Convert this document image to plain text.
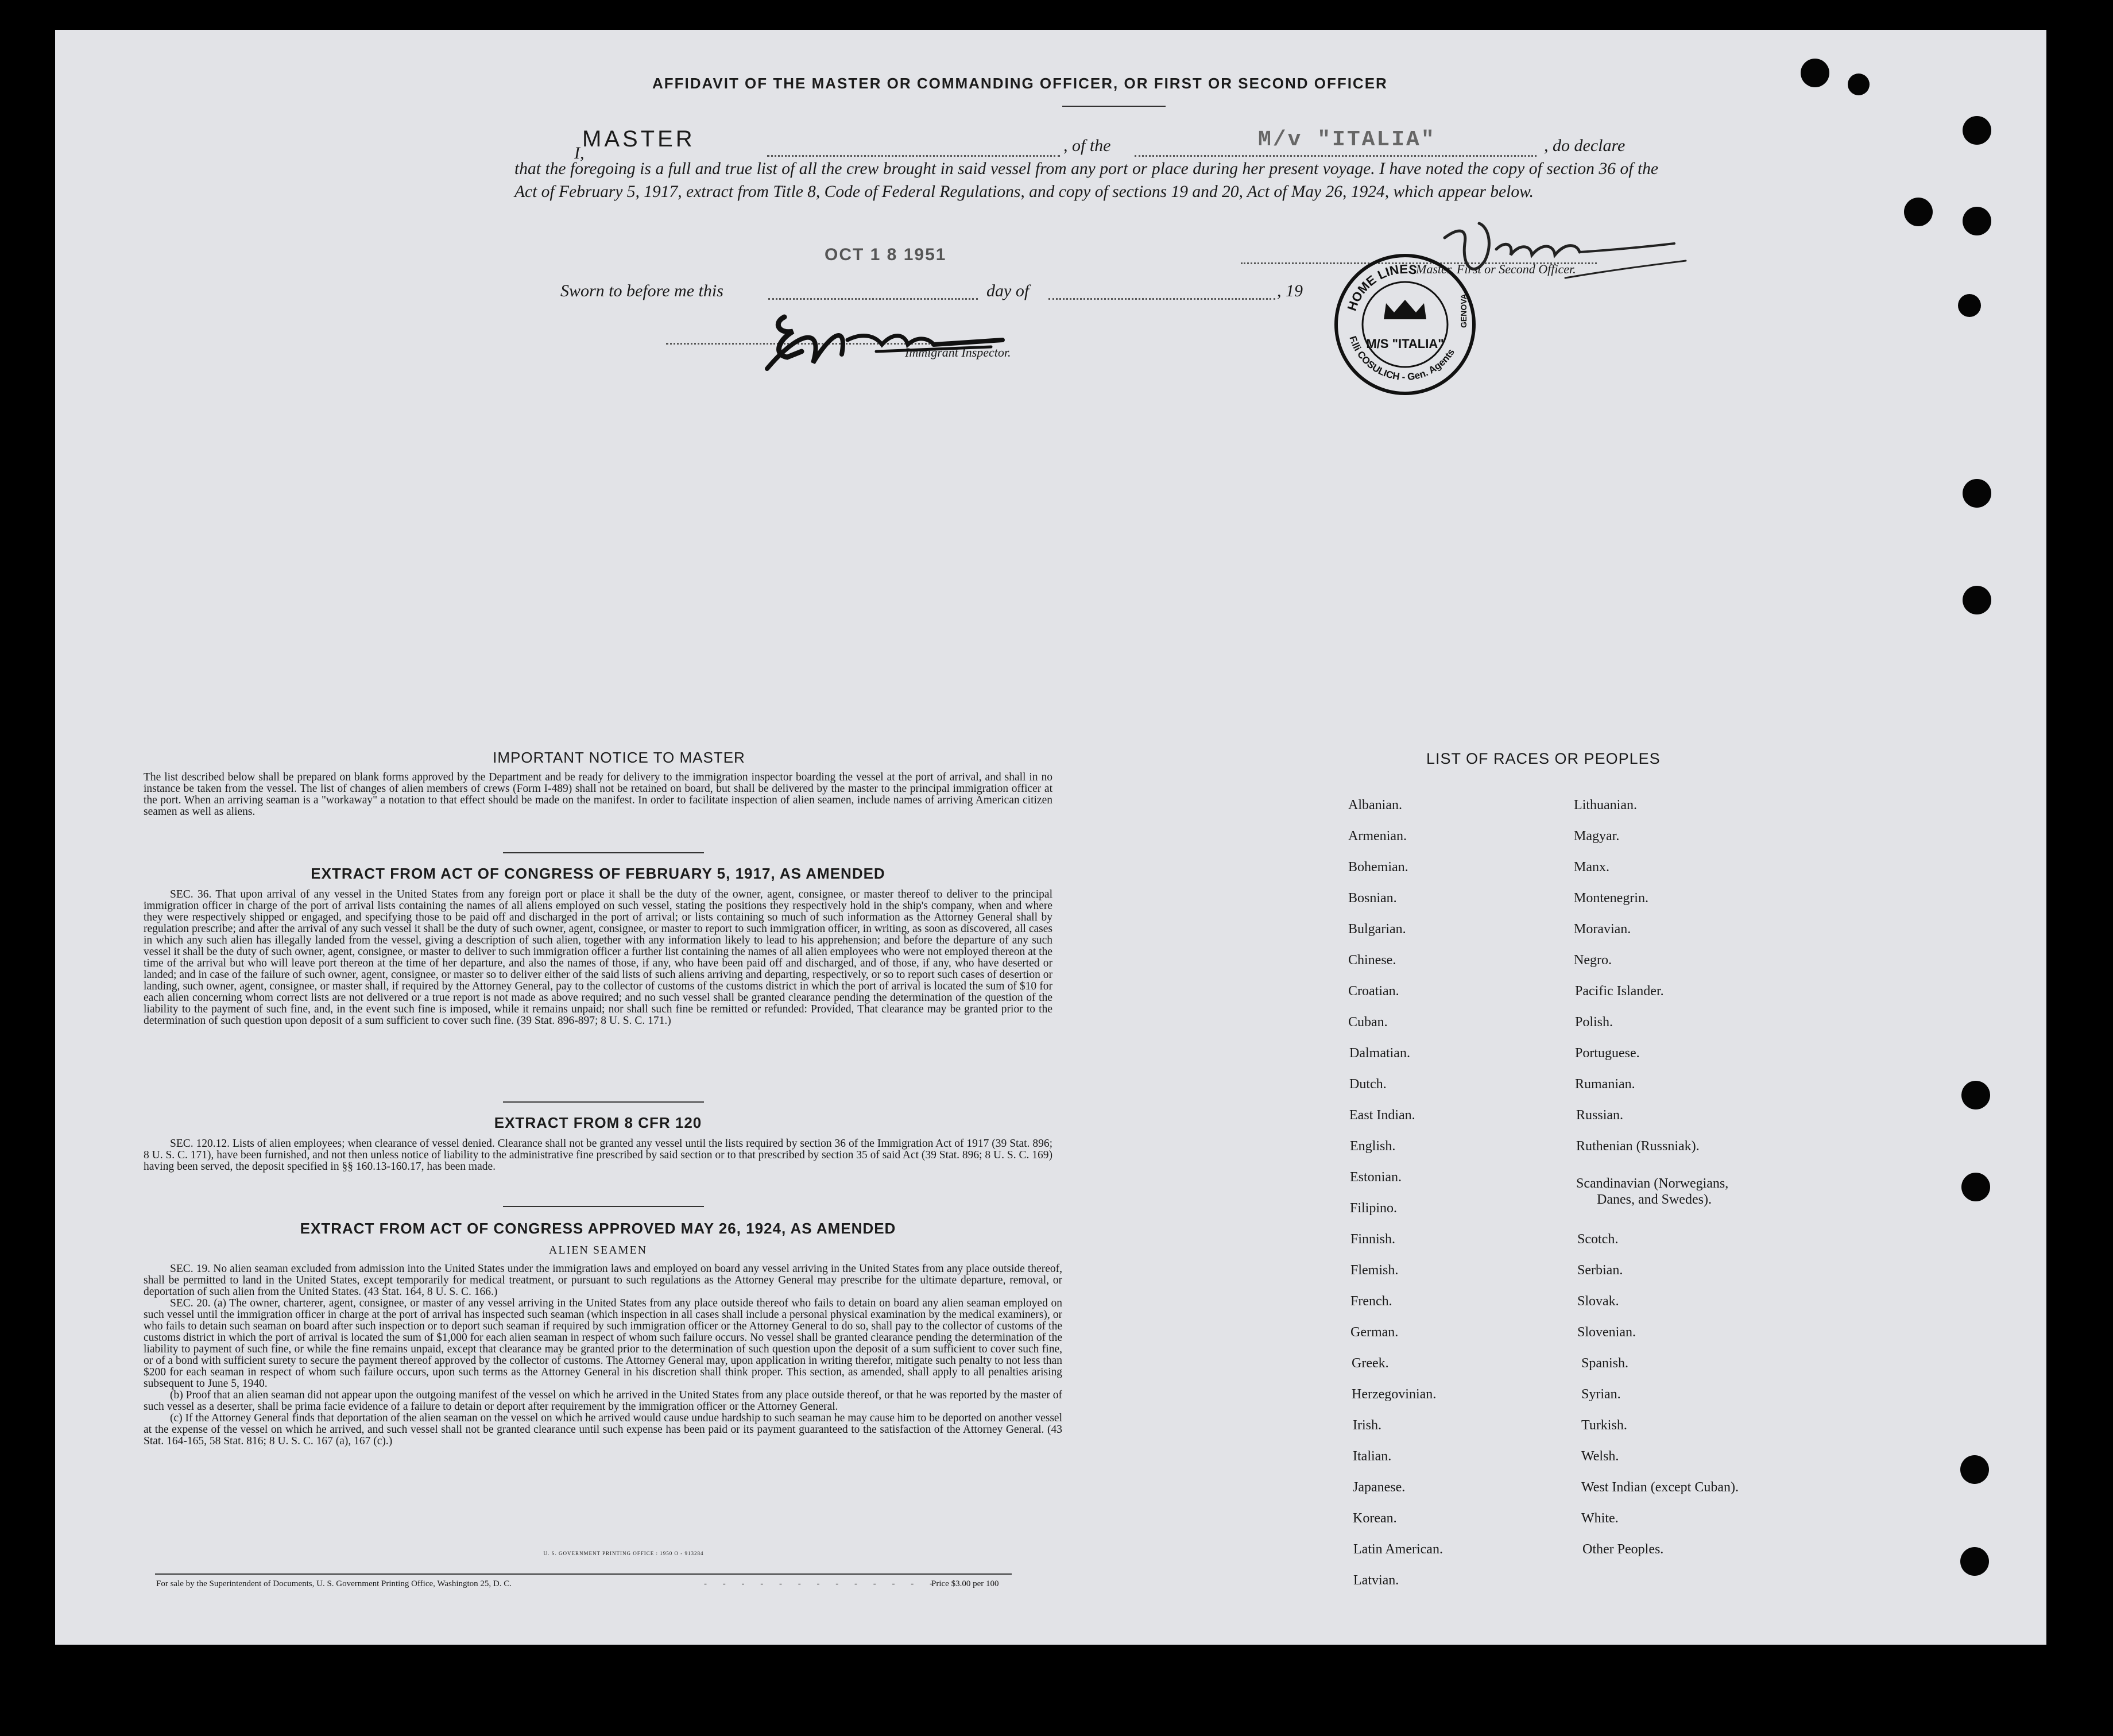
AFFIDAVIT OF THE MASTER OR COMMANDING OFFICER, OR FIRST OR SECOND OFFICER
I,
MASTER	, of the	M/v "ITALIA"	, do declare
that the foregoing is a full and true list of all the crew brought in said vessel from any port or place during her present voyage. I have noted the copy of section 36 of the Act of February 5, 1917, extract from Title 8, Code of Federal Regulations, and copy of sections 19 and 20, Act of May 26, 1924, which appear below.
OCT 1 8 1951
Master, First or Second Officer.
Sworn to before me this	day of	, 19
Immigrant Inspector.
HOME LINES
F.lli COSULICH - Gen. Agents
GENOVA
M/S "ITALIA"
IMPORTANT NOTICE TO MASTER
The list described below shall be prepared on blank forms approved by the Department and be ready for delivery to the immigration inspector boarding the vessel at the port of arrival, and shall in no instance be taken from the vessel. The list of changes of alien members of crews (Form I-489) shall not be retained on board, but shall be delivered by the master to the principal immigration officer at the port. When an arriving seaman is a "workaway" a notation to that effect should be made on the manifest. In order to facilitate inspection of alien seamen, include names of arriving American citizen seamen as well as aliens.
EXTRACT FROM ACT OF CONGRESS OF FEBRUARY 5, 1917, AS AMENDED
SEC. 36. That upon arrival of any vessel in the United States from any foreign port or place it shall be the duty of the owner, agent, consignee, or master thereof to deliver to the principal immigration officer in charge of the port of arrival lists containing the names of all aliens employed on such vessel, stating the positions they respectively hold in the ship's company, when and where they were respectively shipped or engaged, and specifying those to be paid off and discharged in the port of arrival; or lists containing so much of such information as the Attorney General shall by regulation prescribe; and after the arrival of any such vessel it shall be the duty of such owner, agent, consignee, or master to report to such immigration officer, in writing, as soon as discovered, all cases in which any such alien has illegally landed from the vessel, giving a description of such alien, together with any information likely to lead to his apprehension; and before the departure of any such vessel it shall be the duty of such owner, agent, consignee, or master to deliver to such immigration officer a further list containing the names of all alien employees who were not employed thereon at the time of the arrival but who will leave port thereon at the time of her departure, and also the names of those, if any, who have been paid off and discharged, and of those, if any, who have deserted or landed; and in case of the failure of such owner, agent, consignee, or master so to deliver either of the said lists of such aliens arriving and departing, respectively, or so to report such cases of desertion or landing, such owner, agent, consignee, or master shall, if required by the Attorney General, pay to the collector of customs of the customs district in which the port of arrival is located the sum of $10 for each alien concerning whom correct lists are not delivered or a true report is not made as above required; and no such vessel shall be granted clearance pending the determination of the question of the liability to the payment of such fine, and, in the event such fine is imposed, while it remains unpaid; nor shall such fine be remitted or refunded: Provided, That clearance may be granted prior to the determination of such question upon deposit of a sum sufficient to cover such fine. (39 Stat. 896-897; 8 U. S. C. 171.)
EXTRACT FROM 8 CFR 120
SEC. 120.12. Lists of alien employees; when clearance of vessel denied. Clearance shall not be granted any vessel until the lists required by section 36 of the Immigration Act of 1917 (39 Stat. 896; 8 U. S. C. 171), have been furnished, and not then unless notice of liability to the administrative fine prescribed by said section or to that prescribed by section 35 of said Act (39 Stat. 896; 8 U. S. C. 169) having been served, the deposit specified in §§ 160.13-160.17, has been made.
EXTRACT FROM ACT OF CONGRESS APPROVED MAY 26, 1924, AS AMENDED
ALIEN SEAMEN
SEC. 19. No alien seaman excluded from admission into the United States under the immigration laws and employed on board any vessel arriving in the United States from any place outside thereof, shall be permitted to land in the United States, except temporarily for medical treatment, or pursuant to such regulations as the Attorney General may prescribe for the ultimate departure, removal, or deportation of such alien from the United States. (43 Stat. 164, 8 U. S. C. 166.)
SEC. 20. (a) The owner, charterer, agent, consignee, or master of any vessel arriving in the United States from any place outside thereof who fails to detain on board any alien seaman employed on such vessel until the immigration officer in charge at the port of arrival has inspected such seaman (which inspection in all cases shall include a personal physical examination by the medical examiners), or who fails to detain such seaman on board after such inspection or to deport such seaman if required by such immigration officer or the Attorney General to do so, shall pay to the collector of customs of the customs district in which the port of arrival is located the sum of $1,000 for each alien seaman in respect of whom such failure occurs. No vessel shall be granted clearance pending the determination of the liability to payment of such fine, or while the fine remains unpaid, except that clearance may be granted prior to the determination of such question upon the deposit of a sum sufficient to cover such fine, or of a bond with sufficient surety to secure the payment thereof approved by the collector of customs. The Attorney General may, upon application in writing therefor, mitigate such penalty to not less than $200 for each seaman in respect of whom such failure occurs, upon such terms as the Attorney General in his discretion shall think proper. This section, as amended, shall apply to all penalties arising subsequent to June 5, 1940.
(b) Proof that an alien seaman did not appear upon the outgoing manifest of the vessel on which he arrived in the United States from any place outside thereof, or that he was reported by the master of such vessel as a deserter, shall be prima facie evidence of a failure to detain or deport after requirement by the immigration officer or the Attorney General.
(c) If the Attorney General finds that deportation of the alien seaman on the vessel on which he arrived would cause undue hardship to such seaman he may cause him to be deported on another vessel at the expense of the vessel on which he arrived, and such vessel shall not be granted clearance until such expense has been paid or its payment guaranteed to the satisfaction of the Attorney General. (43 Stat. 164-165, 58 Stat. 816; 8 U. S. C. 167 (a), 167 (c).)
U. S. GOVERNMENT PRINTING OFFICE : 1950 O - 913284
For sale by the Superintendent of Documents, U. S. Government Printing Office, Washington 25, D. C.	- - - - - - - - - - - - -
Price $3.00 per 100
LIST OF RACES OR PEOPLES
Albanian.
Armenian.
Bohemian.
Bosnian.
Bulgarian.
Chinese.
Croatian.
Cuban.
Dalmatian.
Dutch.
East Indian.
English.
Estonian.
Filipino.
Finnish.
Flemish.
French.
German.
Greek.
Herzegovinian.
Irish.
Italian.
Japanese.
Korean.
Latin American.
Latvian.
Lithuanian.
Magyar.
Manx.
Montenegrin.
Moravian.
Negro.
Pacific Islander.
Polish.
Portuguese.
Rumanian.
Russian.
Ruthenian (Russniak).
Scandinavian (Norwegians,
Danes, and Swedes).
Scotch.
Serbian.
Slovak.
Slovenian.
Spanish.
Syrian.
Turkish.
Welsh.
West Indian (except Cuban).
White.
Other Peoples.
